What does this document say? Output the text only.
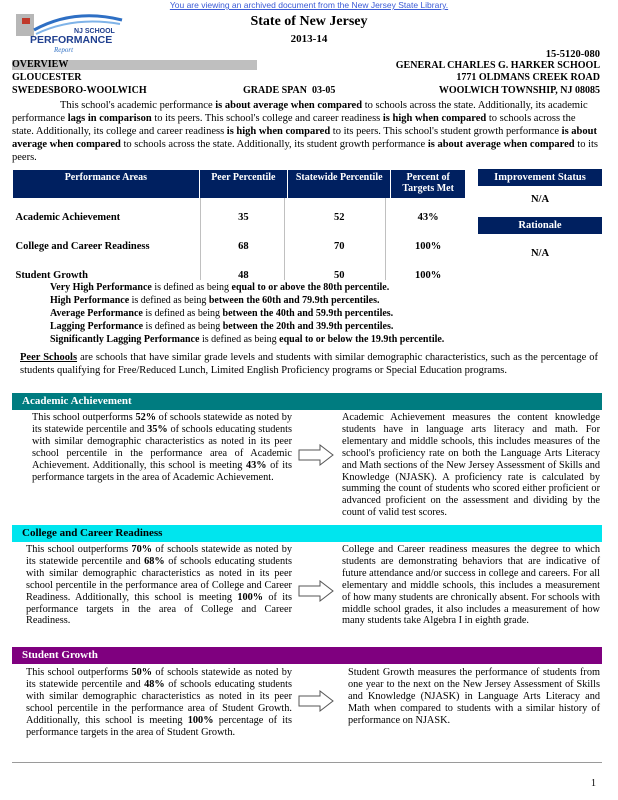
You are viewing an archived document from the New Jersey State Library.
NJ SCHOOL
PERFORMANCE
Report
State of New Jersey
2013-14
15-5120-080
OVERVIEW
GLOUCESTER
SWEDESBORO-WOOLWICH	GRADE SPAN 03-05
GENERAL CHARLES G. HARKER SCHOOL
1771 OLDMANS CREEK ROAD
WOOLWICH TOWNSHIP, NJ 08085
This school's academic performance is about average when compared to schools across the state. Additionally, its academic performance lags in comparison to its peers. This school's college and career readiness is high when compared to schools across the state. Additionally, its college and career readiness is high when compared to its peers. This school's student growth performance is about average when compared to schools across the state. Additionally, its student growth performance is about average when compared to its peers.
Performance Areas	Peer Percentile	Statewide Percentile	Percent of Targets Met
Academic Achievement	35	52	43%
College and Career Readiness	68	70	100%
Student Growth	48	50	100%
Improvement Status
N/A
Rationale
N/A
Very High Performance is defined as being equal to or above the 80th percentile.
High Performance is defined as being between the 60th and 79.9th percentiles.
Average Performance is defined as being between the 40th and 59.9th percentiles.
Lagging Performance is defined as being between the 20th and 39.9th percentiles.
Significantly Lagging Performance is defined as being equal to or below the 19.9th percentile.
Peer Schools are schools that have similar grade levels and students with similar demographic characteristics, such as the percentage of students qualifying for Free/Reduced Lunch, Limited English Proficiency programs or Special Education programs.
Academic Achievement
This school outperforms 52% of schools statewide as noted by its statewide percentile and 35% of schools educating students with similar demographic characteristics as noted in its peer school percentile in the performance area of Academic Achievement. Additionally, this school is meeting 43% of its performance targets in the area of Academic Achievement.
Academic Achievement measures the content knowledge students have in language arts literacy and math. For elementary and middle schools, this includes measures of the school's proficiency rate on both the Language Arts Literacy and Math sections of the New Jersey Assessment of Skills and Knowledge (NJASK). A proficiency rate is calculated by summing the count of students who scored either proficient or advanced proficient on the assessment and dividing by the count of valid test scores.
College and Career Readiness
This school outperforms 70% of schools statewide as noted by its statewide percentile and 68% of schools educating students with similar demographic characteristics as noted in its peer school percentile in the performance area of College and Career Readiness. Additionally, this school is meeting 100% of its performance targets in the area of College and Career Readiness.
College and Career readiness measures the degree to which students are demonstrating behaviors that are indicative of future attendance and/or success in college and careers. For all elementary and middle schools, this includes a measurement of how many students are chronically absent. For schools with middle school grades, it also includes a measurement of how many students take Algebra I in eighth grade.
Student Growth
This school outperforms 50% of schools statewide as noted by its statewide percentile and 48% of schools educating students with similar demographic characteristics as noted in its peer school percentile in the performance area of Student Growth. Additionally, this school is meeting 100% percentage of its performance targets in the area of Student Growth.
Student Growth measures the performance of students from one year to the next on the New Jersey Assessment of Skills and Knowledge (NJASK) in Language Arts Literacy and Math when compared to students with a similar history of performance on NJASK.
1
